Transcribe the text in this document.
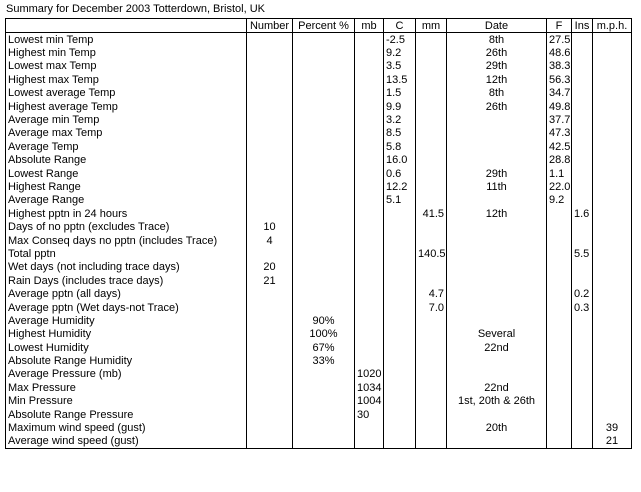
Summary for December 2003 Totterdown, Bristol, UK
	Number	Percent %	mb	C	mm	Date	F	Ins	m.p.h.
Lowest min Temp				-2.5		8th	27.5		
Highest min Temp				9.2		26th	48.6		
Lowest max Temp				3.5		29th	38.3		
Highest max Temp				13.5		12th	56.3		
Lowest average Temp				1.5		8th	34.7		
Highest average Temp				9.9		26th	49.8		
Average min Temp				3.2			37.7		
Average max Temp				8.5			47.3		
Average Temp				5.8			42.5		
Absolute Range				16.0			28.8		
Lowest Range				0.6		29th	1.1		
Highest Range				12.2		11th	22.0		
Average Range				5.1			9.2		
Highest pptn in 24 hours					41.5	12th		1.6	
Days of no pptn (excludes Trace)	10								
Max Conseq days no pptn (includes Trace)	4								
Total pptn					140.5			5.5	
Wet days (not including trace days)	20								
Rain Days (includes trace days)	21								
Average pptn (all days)					4.7			0.2	
Average pptn (Wet days-not Trace)					7.0			0.3	
Average Humidity		90%							
Highest Humidity		100%				Several			
Lowest Humidity		67%				22nd			
Absolute Range Humidity		33%							
Average Pressure (mb)			1020						
Max Pressure			1034			22nd			
Min Pressure			1004			1st, 20th & 26th			
Absolute Range Pressure			30						
Maximum wind speed (gust)						20th			39
Average wind speed (gust)									21
